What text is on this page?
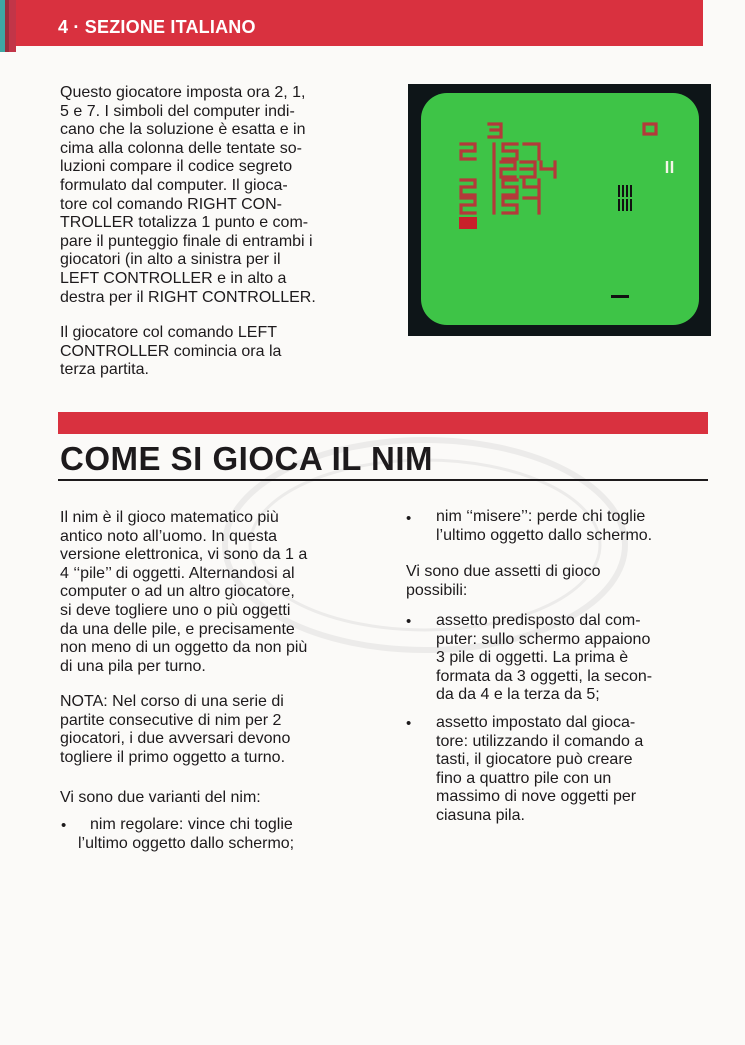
4 · SEZIONE ITALIANO
Questo giocatore imposta ora 2, 1,
5 e 7. I simboli del computer indi-
cano che la soluzione è esatta e in
cima alla colonna delle tentate so-
luzioni compare il codice segreto
formulato dal computer. Il gioca-
tore col comando RIGHT CON-
TROLLER totalizza 1 punto e com-
pare il punteggio finale di entrambi i
giocatori (in alto a sinistra per il
LEFT CONTROLLER e in alto a
destra per il RIGHT CONTROLLER.
Il giocatore col comando LEFT
CONTROLLER comincia ora la
terza partita.
COME SI GIOCA IL NIM
Il nim è il gioco matematico più
antico noto all’uomo. In questa
versione elettronica, vi sono da 1 a
4 ‘‘pile’’ di oggetti. Alternandosi al
computer o ad un altro giocatore,
si deve togliere uno o più oggetti
da una delle pile, e precisamente
non meno di un oggetto da non più
di una pila per turno.
NOTA: Nel corso di una serie di
partite consecutive di nim per 2
giocatori, i due avversari devono
togliere il primo oggetto a turno.
Vi sono due varianti del nim:
• nim regolare: vince chi toglie
l’ultimo oggetto dallo schermo;
• nim ‘‘misere’’: perde chi toglie
l’ultimo oggetto dallo schermo.
Vi sono due assetti di gioco
possibili:
• assetto predisposto dal com-
puter: sullo schermo appaiono
3 pile di oggetti. La prima è
formata da 3 oggetti, la secon-
da da 4 e la terza da 5;
• assetto impostato dal gioca-
tore: utilizzando il comando a
tasti, il giocatore può creare
fino a quattro pile con un
massimo di nove oggetti per
ciasuna pila.
